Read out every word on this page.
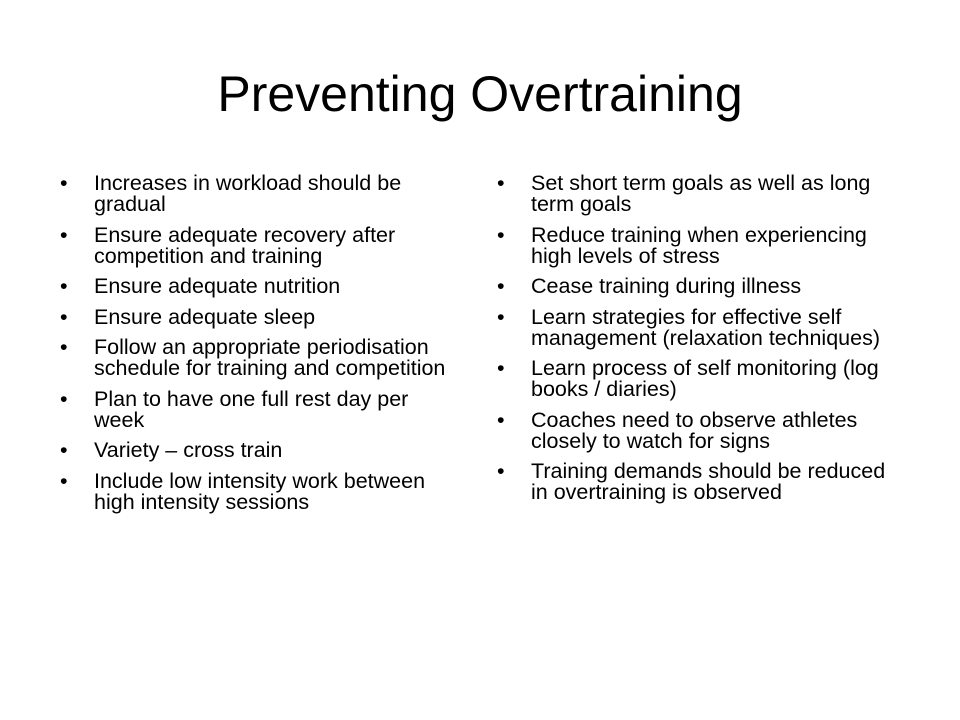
Preventing Overtraining
•	Increases in workload should be gradual
•	Ensure adequate recovery after competition and training
•	Ensure adequate nutrition
•	Ensure adequate sleep
•	Follow an appropriate periodisation schedule for training and competition
•	Plan to have one full rest day per week
•	Variety – cross train
•	Include low intensity work between high intensity sessions
•	Set short term goals as well as long term goals
•	Reduce training when experiencing high levels of stress
•	Cease training during illness
•	Learn strategies for effective self management (relaxation techniques)
•	Learn process of self monitoring (log books / diaries)
•	Coaches need to observe athletes closely to watch for signs
•	Training demands should be reduced in overtraining is observed
